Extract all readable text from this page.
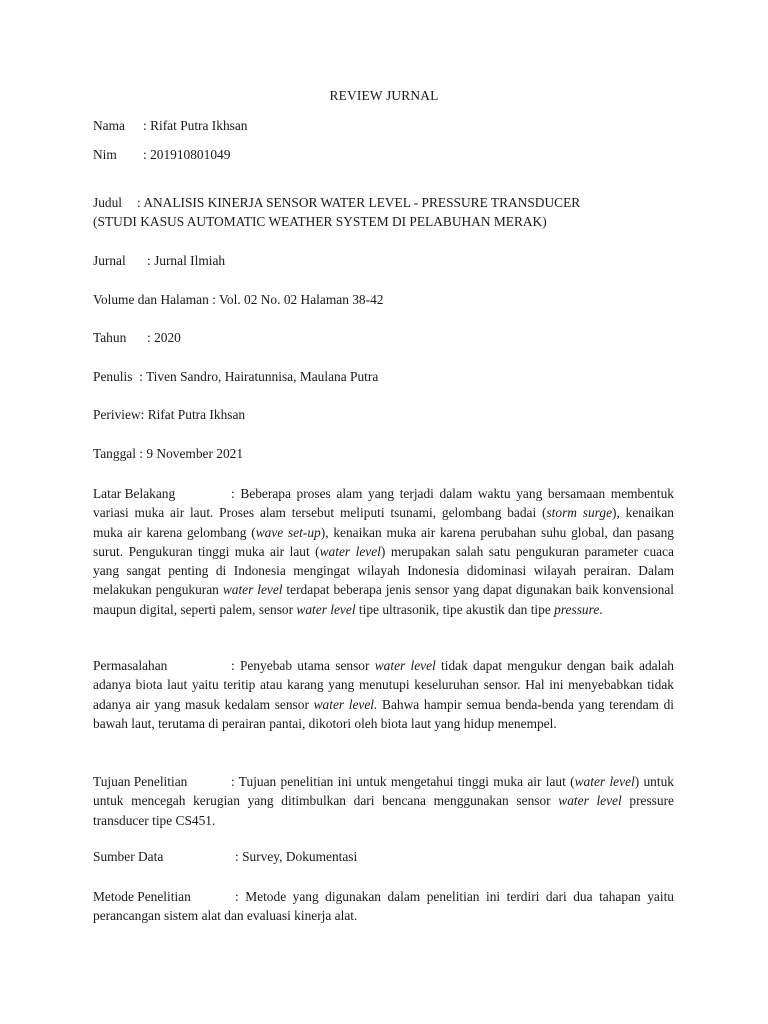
REVIEW JURNAL
Nama : Rifat Putra Ikhsan
Nim : 201910801049
Judul : ANALISIS KINERJA SENSOR WATER LEVEL - PRESSURE TRANSDUCER
(STUDI KASUS AUTOMATIC WEATHER SYSTEM DI PELABUHAN MERAK)
Jurnal : Jurnal Ilmiah
Volume dan Halaman : Vol. 02 No. 02 Halaman 38-42
Tahun : 2020
Penulis : Tiven Sandro, Hairatunnisa, Maulana Putra
Periview: Rifat Putra Ikhsan
Tanggal : 9 November 2021
Latar Belakang	: Beberapa proses alam yang terjadi dalam waktu yang bersamaan membentuk variasi muka air laut. Proses alam tersebut meliputi tsunami, gelombang badai (storm surge), kenaikan muka air karena gelombang (wave set-up), kenaikan muka air karena perubahan suhu global, dan pasang surut. Pengukuran tinggi muka air laut (water level) merupakan salah satu pengukuran parameter cuaca yang sangat penting di Indonesia mengingat wilayah Indonesia didominasi wilayah perairan. Dalam melakukan pengukuran water level terdapat beberapa jenis sensor yang dapat digunakan baik konvensional maupun digital, seperti palem, sensor water level tipe ultrasonik, tipe akustik dan tipe pressure.
Permasalahan	: Penyebab utama sensor water level tidak dapat mengukur dengan baik adalah adanya biota laut yaitu teritip atau karang yang menutupi keseluruhan sensor. Hal ini menyebabkan tidak adanya air yang masuk kedalam sensor water level. Bahwa hampir semua benda-benda yang terendam di bawah laut, terutama di perairan pantai, dikotori oleh biota laut yang hidup menempel.
Tujuan Penelitian	: Tujuan penelitian ini untuk mengetahui tinggi muka air laut (water level) untuk untuk mencegah kerugian yang ditimbulkan dari bencana menggunakan sensor water level pressure transducer tipe CS451.
Sumber Data	: Survey, Dokumentasi
Metode Penelitian	: Metode yang digunakan dalam penelitian ini terdiri dari dua tahapan yaitu perancangan sistem alat dan evaluasi kinerja alat.
